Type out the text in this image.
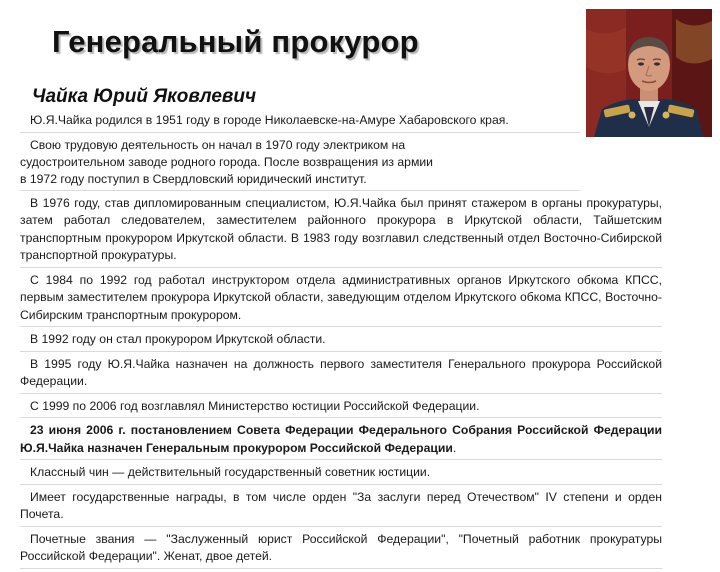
Генеральный прокурор
Чайка Юрий Яковлевич
Ю.Я.Чайка родился в 1951 году в городе Николаевске-на-Амуре Хабаровского края.
Свою трудовую деятельность он начал в 1970 году электриком на
судостроительном заводе родного города. После возвращения из армии
в 1972 году поступил в Свердловский юридический институт.
В 1976 году, став дипломированным специалистом, Ю.Я.Чайка был принят стажером в органы прокуратуры, затем работал следователем, заместителем районного прокурора в Иркутской области, Тайшетским транспортным прокурором Иркутской области. В 1983 году возглавил следственный отдел Восточно-Сибирской транспортной прокуратуры.
С 1984 по 1992 год работал инструктором отдела административных органов Иркутского обкома КПСС, первым заместителем прокурора Иркутской области, заведующим отделом Иркутского обкома КПСС, Восточно-Сибирским транспортным прокурором.
В 1992 году он стал прокурором Иркутской области.
В 1995 году Ю.Я.Чайка назначен на должность первого заместителя Генерального прокурора Российской Федерации.
С 1999 по 2006 год возглавлял Министерство юстиции Российской Федерации.
23 июня 2006 г. постановлением Совета Федерации Федерального Собрания Российской Федерации Ю.Я.Чайка назначен Генеральным прокурором Российской Федерации.
Классный чин — действительный государственный советник юстиции.
Имеет государственные награды, в том числе орден "За заслуги перед Отечеством" IV степени и орден Почета.
Почетные звания — "Заслуженный юрист Российской Федерации", "Почетный работник прокуратуры Российской Федерации". Женат, двое детей.
